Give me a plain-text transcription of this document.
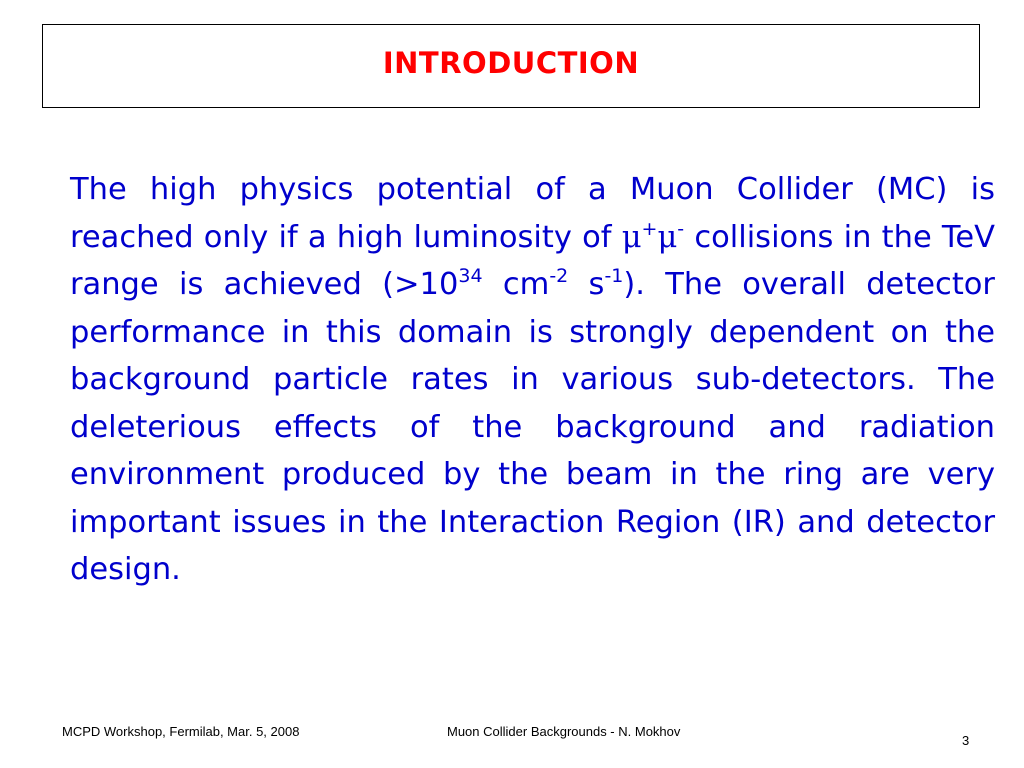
INTRODUCTION
The high physics potential of a Muon Collider (MC) is reached only if a high luminosity of μ+μ- collisions in the TeV range is achieved ($>10^{34}$ $cm^{-2}$ $s^{-1}$). The overall detector performance in this domain is strongly dependent on the background particle rates in various sub-detectors. The deleterious effects of the background and radiation environment produced by the beam in the ring are very important issues in the Interaction Region (IR) and detector design.
MCPD Workshop, Fermilab, Mar. 5, 2008	Muon Collider Backgrounds - N. Mokhov
3
